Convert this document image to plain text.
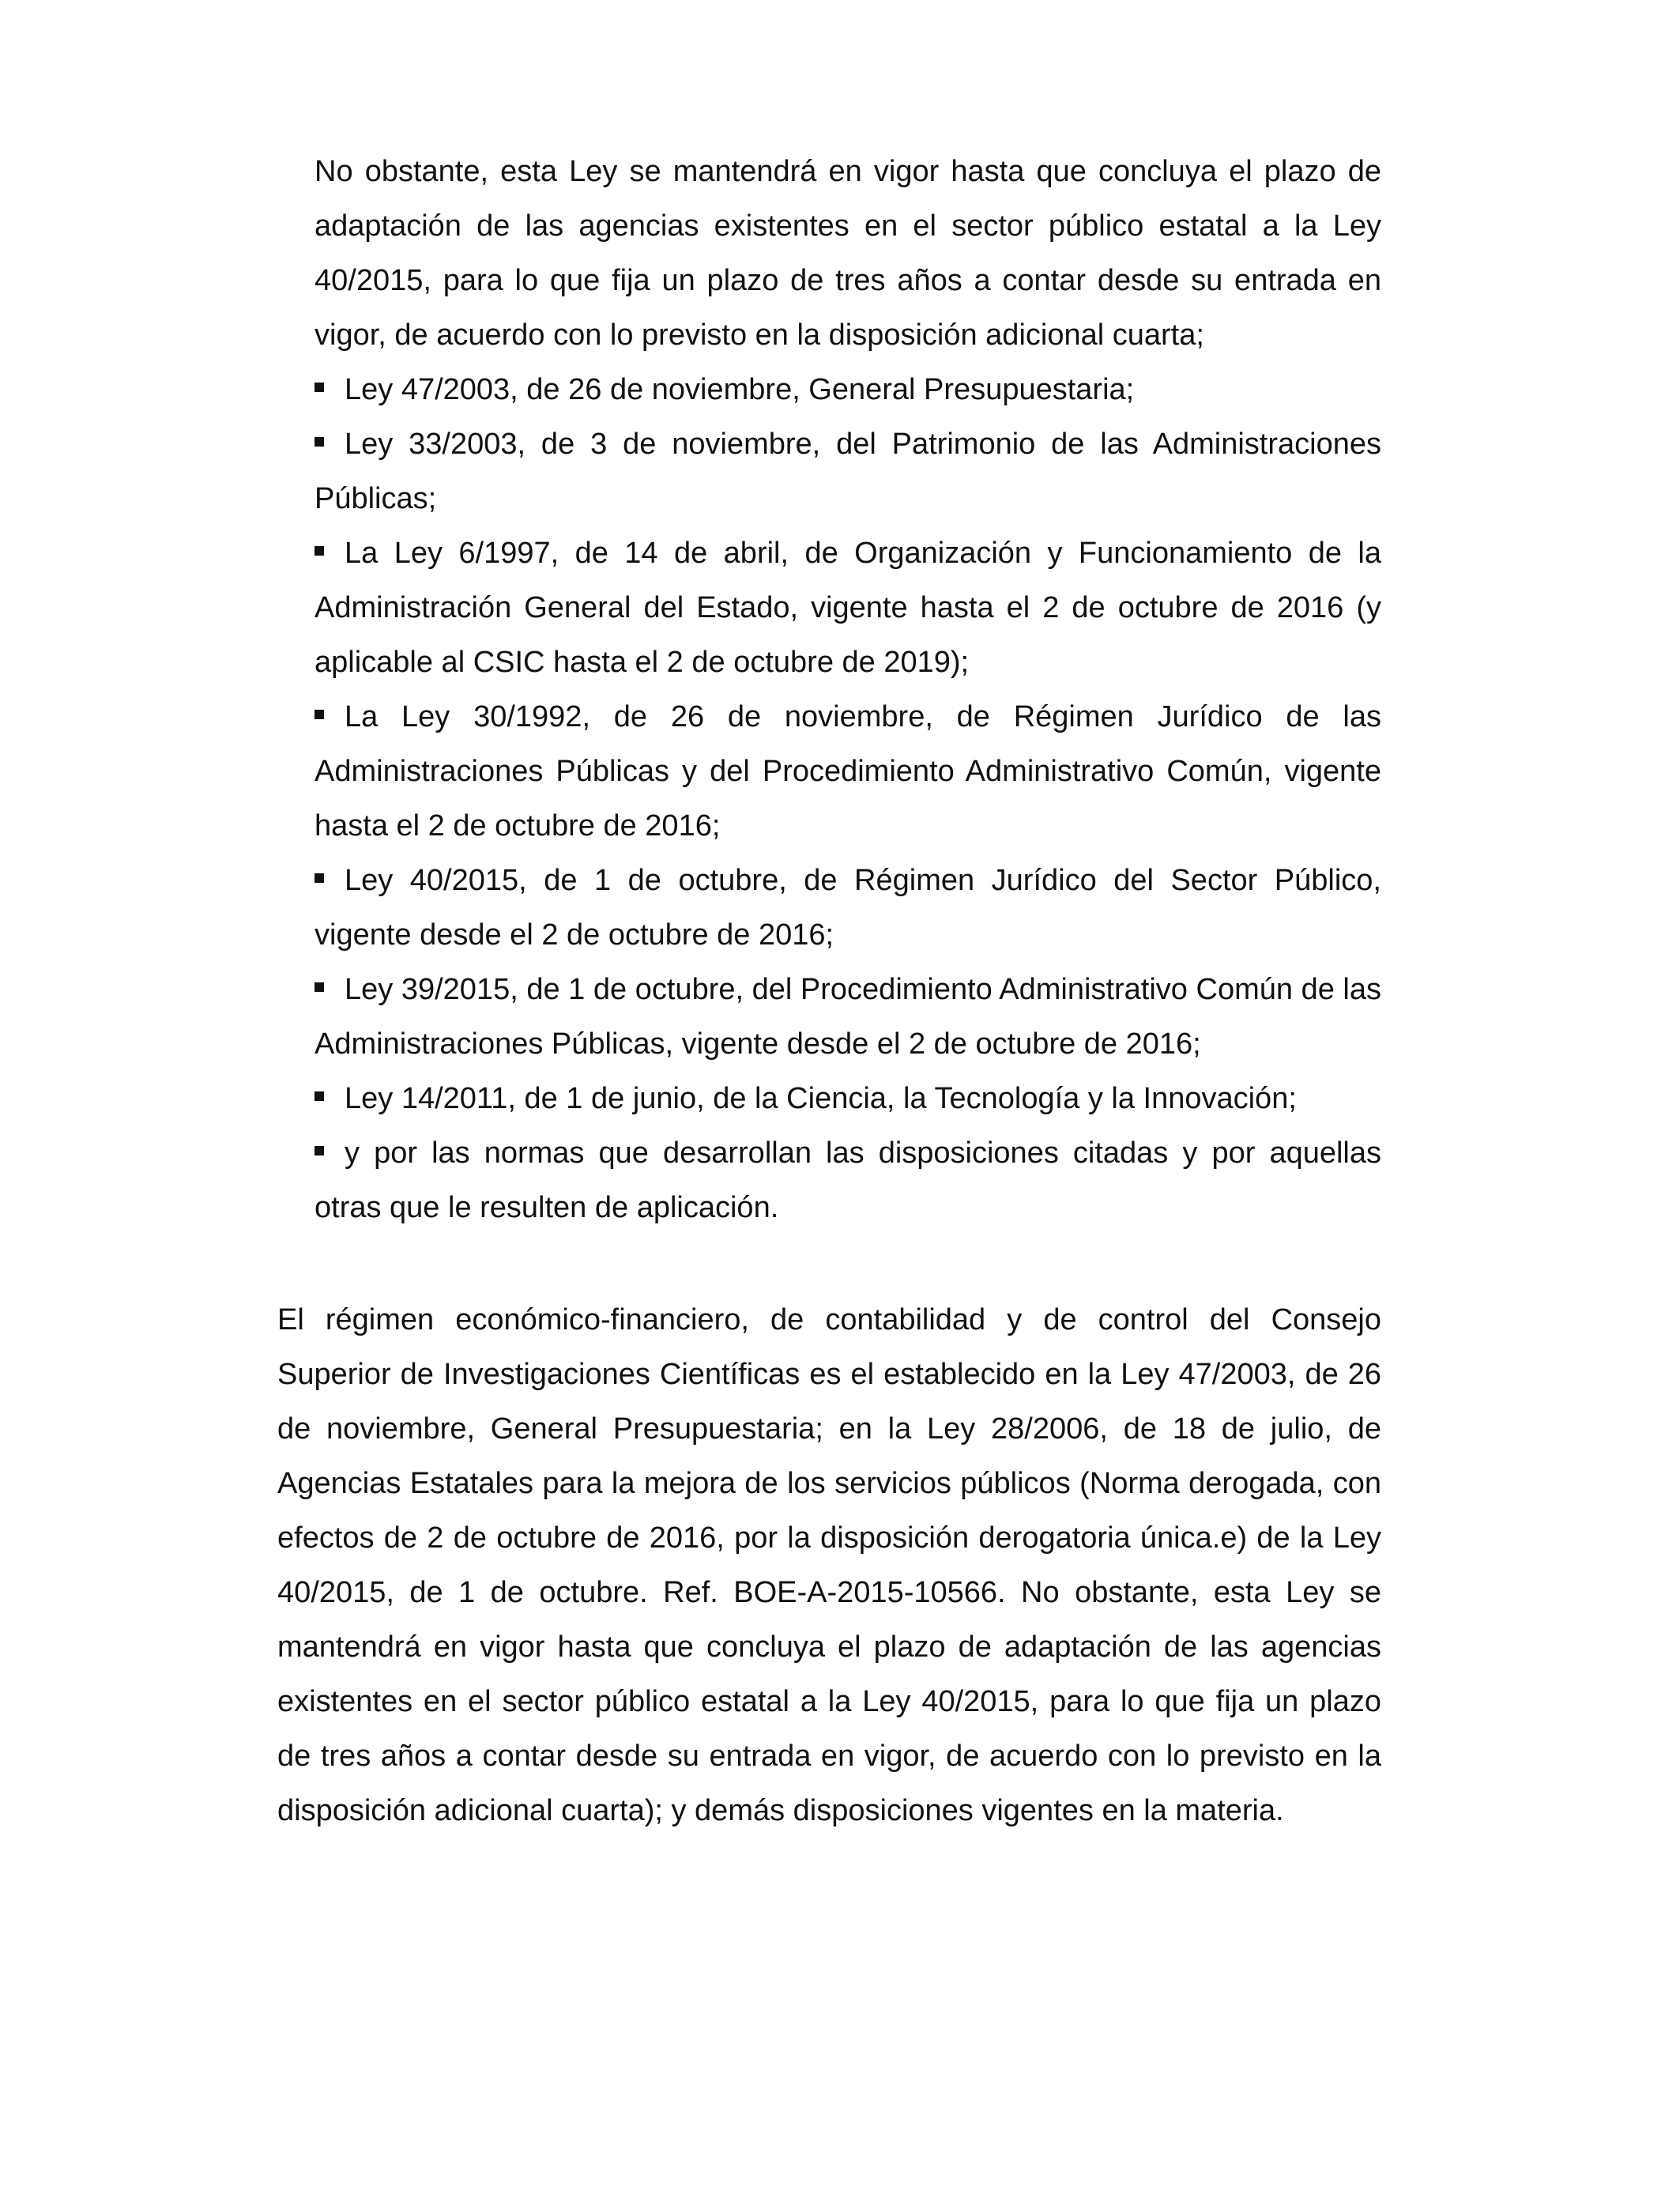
No obstante, esta Ley se mantendrá en vigor hasta que concluya el plazo de adaptación de las agencias existentes en el sector público estatal a la Ley 40/2015, para lo que fija un plazo de tres años a contar desde su entrada en vigor, de acuerdo con lo previsto en la disposición adicional cuarta;

Ley 47/2003, de 26 de noviembre, General Presupuestaria;

Ley 33/2003, de 3 de noviembre, del Patrimonio de las Administraciones Públicas;

La Ley 6/1997, de 14 de abril, de Organización y Funcionamiento de la Administración General del Estado, vigente hasta el 2 de octubre de 2016 (y aplicable al CSIC hasta el 2 de octubre de 2019);

La Ley 30/1992, de 26 de noviembre, de Régimen Jurídico de las Administraciones Públicas y del Procedimiento Administrativo Común, vigente hasta el 2 de octubre de 2016;

Ley 40/2015, de 1 de octubre, de Régimen Jurídico del Sector Público, vigente desde el 2 de octubre de 2016;

Ley 39/2015, de 1 de octubre, del Procedimiento Administrativo Común de las Administraciones Públicas, vigente desde el 2 de octubre de 2016;

Ley 14/2011, de 1 de junio, de la Ciencia, la Tecnología y la Innovación;

y por las normas que desarrollan las disposiciones citadas y por aquellas otras que le resulten de aplicación.

El régimen económico-financiero, de contabilidad y de control del Consejo Superior de Investigaciones Científicas es el establecido en la Ley 47/2003, de 26 de noviembre, General Presupuestaria; en la Ley 28/2006, de 18 de julio, de Agencias Estatales para la mejora de los servicios públicos (Norma derogada, con efectos de 2 de octubre de 2016, por la disposición derogatoria única.e) de la Ley 40/2015, de 1 de octubre. Ref. BOE-A-2015-10566. No obstante, esta Ley se mantendrá en vigor hasta que concluya el plazo de adaptación de las agencias existentes en el sector público estatal a la Ley 40/2015, para lo que fija un plazo de tres años a contar desde su entrada en vigor, de acuerdo con lo previsto en la disposición adicional cuarta); y demás disposiciones vigentes en la materia.
